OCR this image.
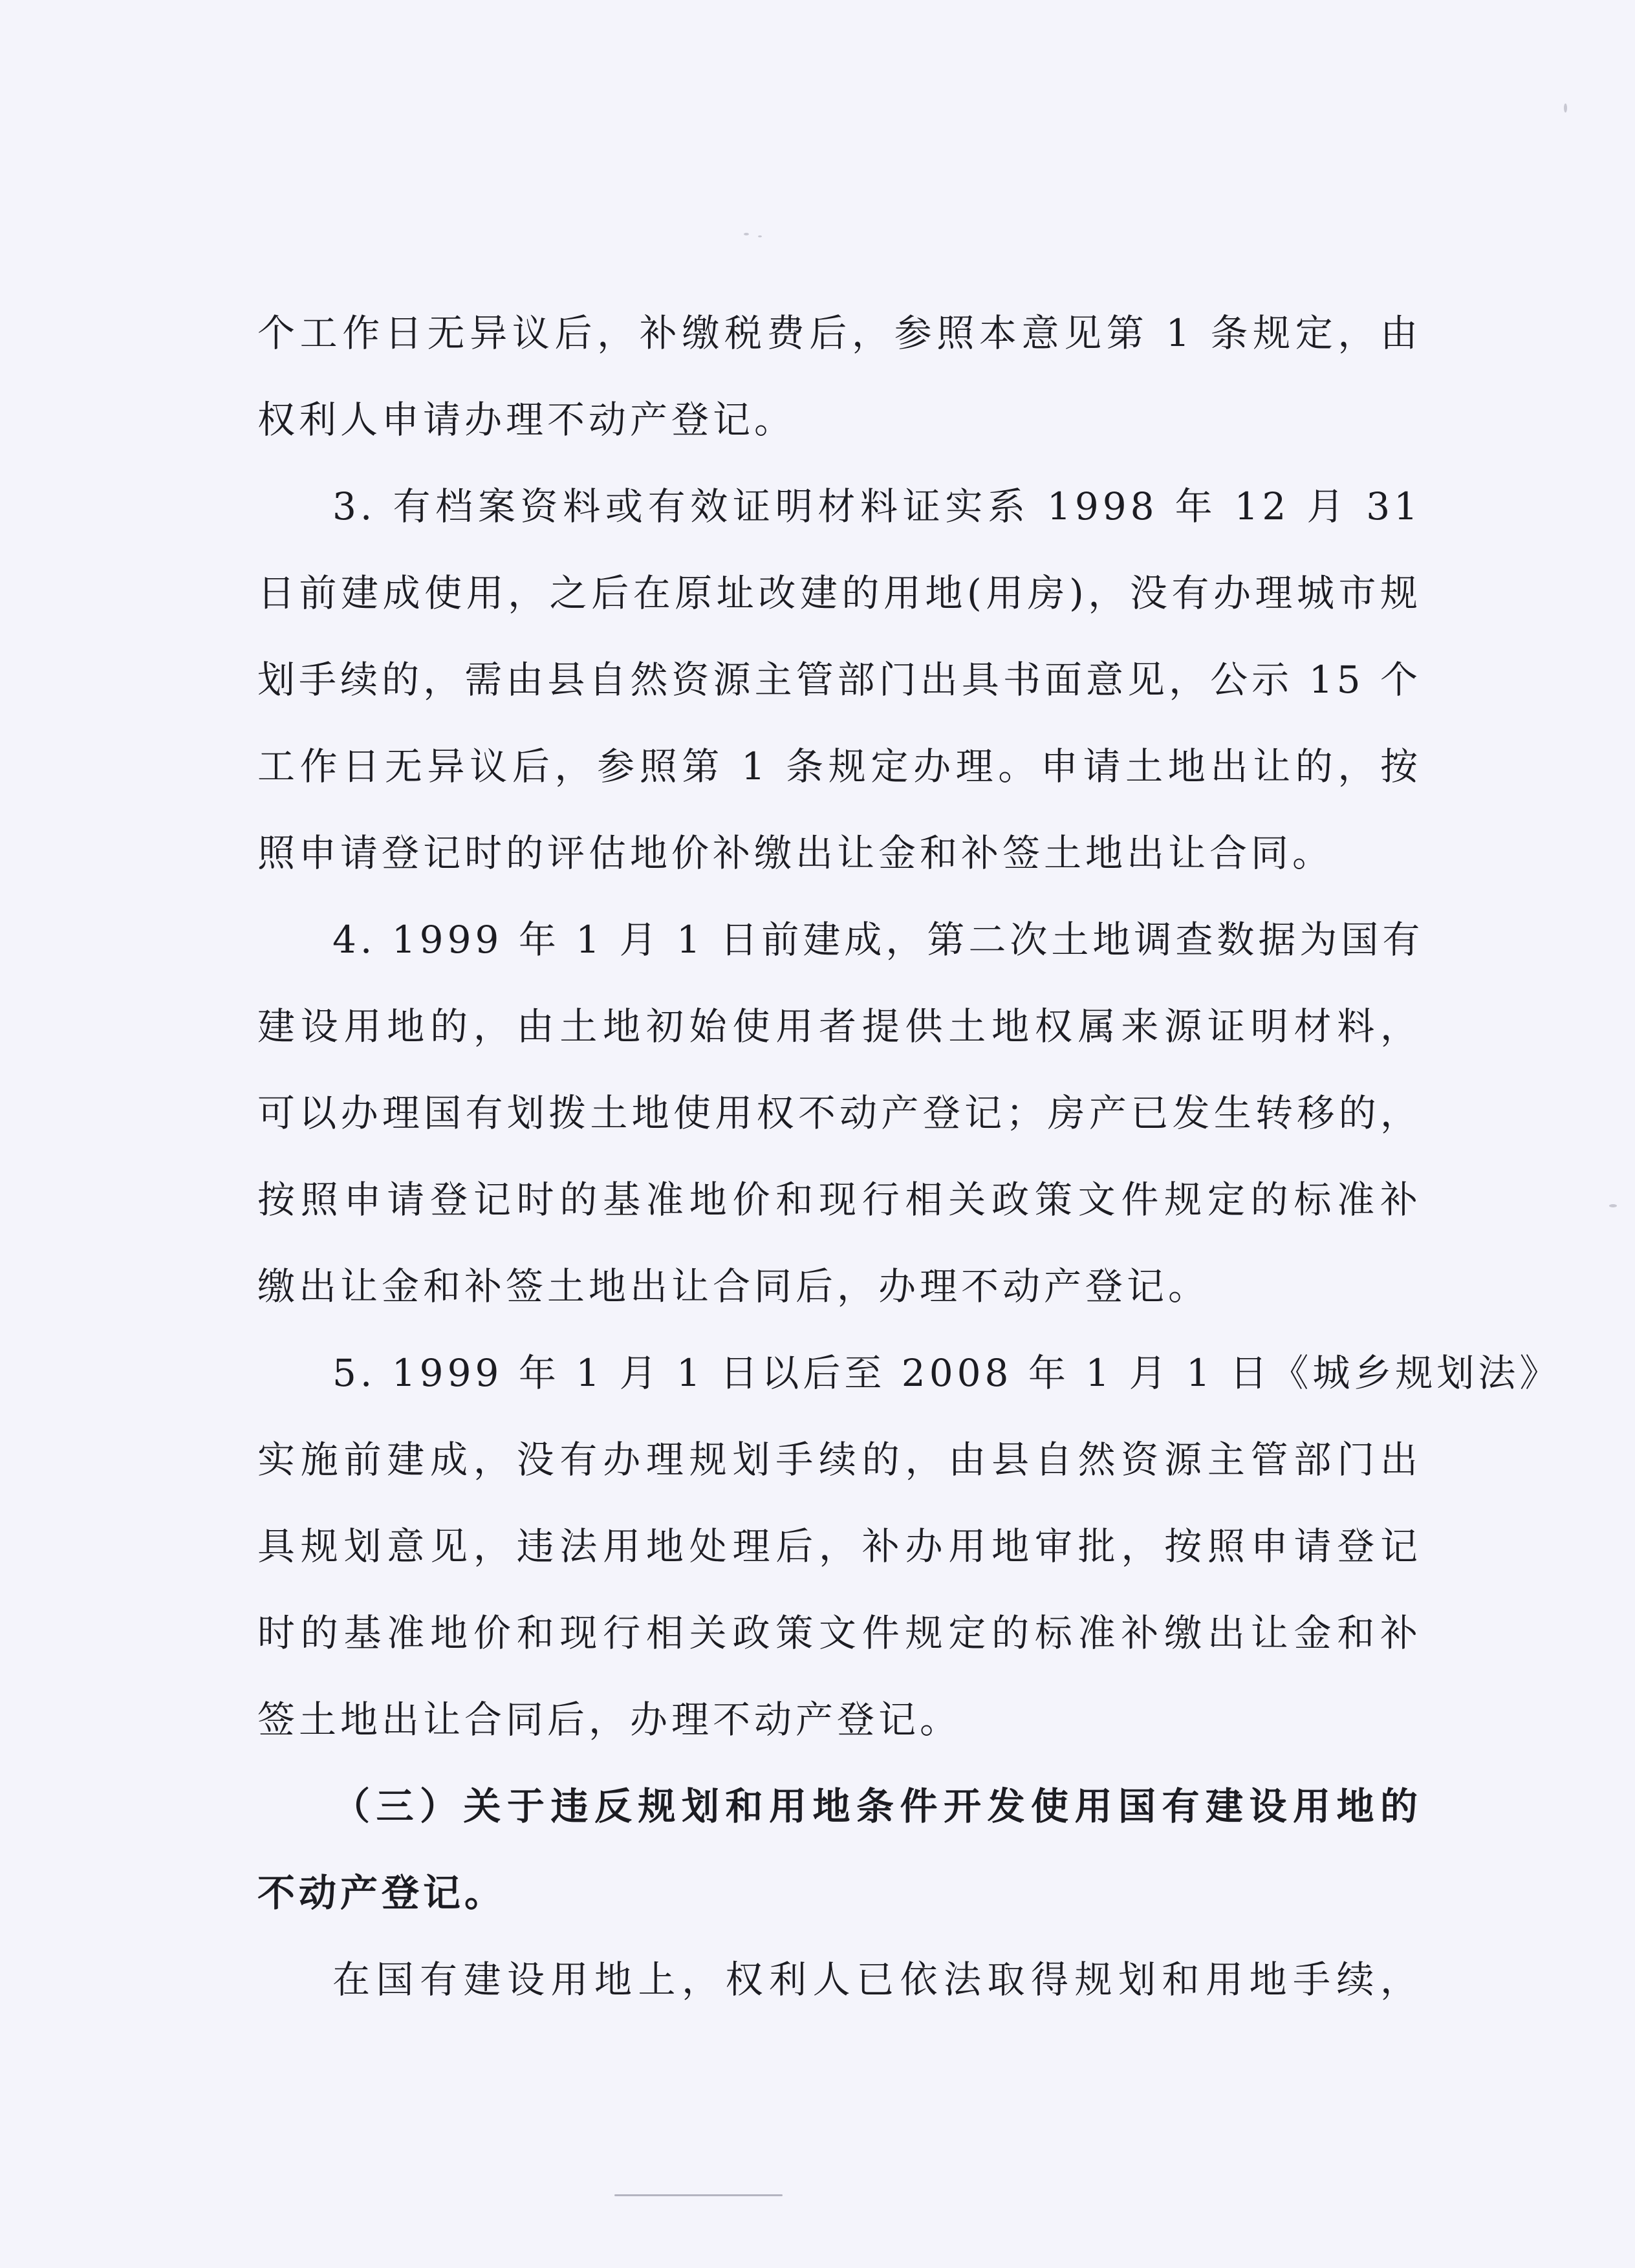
个工作日无异议后，补缴税费后，参照本意见第 1 条规定，由
权利人申请办理不动产登记。
3. 有档案资料或有效证明材料证实系 1998 年 12 月 31
日前建成使用，之后在原址改建的用地(用房)，没有办理城市规
划手续的，需由县自然资源主管部门出具书面意见，公示 15 个
工作日无异议后，参照第 1 条规定办理。申请土地出让的，按
照申请登记时的评估地价补缴出让金和补签土地出让合同。
4. 1999 年 1 月 1 日前建成，第二次土地调查数据为国有
建设用地的，由土地初始使用者提供土地权属来源证明材料，
可以办理国有划拨土地使用权不动产登记；房产已发生转移的，
按照申请登记时的基准地价和现行相关政策文件规定的标准补
缴出让金和补签土地出让合同后，办理不动产登记。
5. 1999 年 1 月 1 日以后至 2008 年 1 月 1 日《城乡规划法》
实施前建成，没有办理规划手续的，由县自然资源主管部门出
具规划意见，违法用地处理后，补办用地审批，按照申请登记
时的基准地价和现行相关政策文件规定的标准补缴出让金和补
签土地出让合同后，办理不动产登记。
（三）关于违反规划和用地条件开发使用国有建设用地的
不动产登记。
在国有建设用地上，权利人已依法取得规划和用地手续，
